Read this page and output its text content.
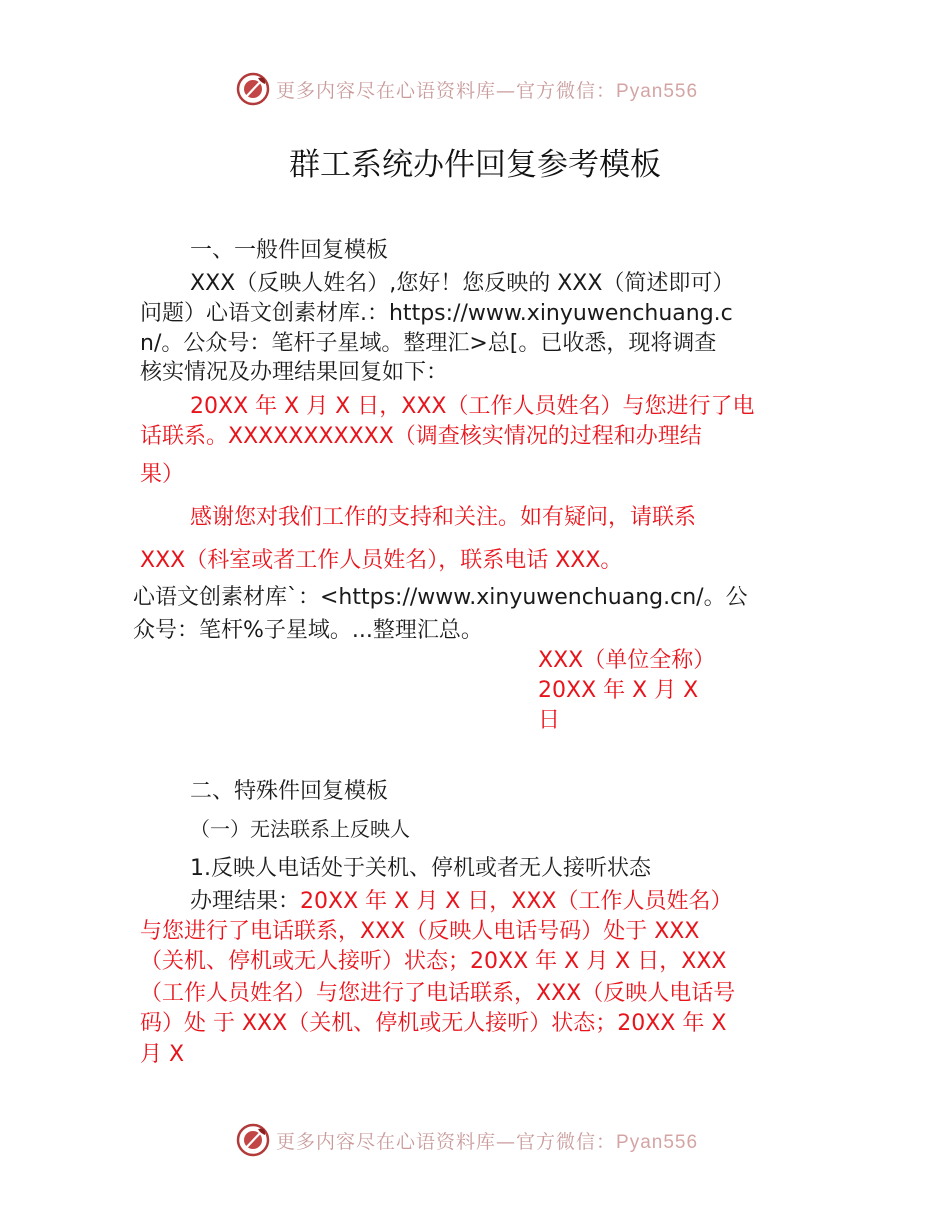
更多内容尽在心语资料库—官方微信：Pyan556
群工系统办件回复参考模板
一、一般件回复模板
XXX（反映人姓名）,您好！您反映的 XXX（简述即可）
问题）心语文创素材库.：https://www.xinyuwenchuang.c
n/。公众号：笔杆子星域。整理汇>总[。已收悉，现将调查
核实情况及办理结果回复如下：
20XX 年 X 月 X 日，XXX（工作人员姓名）与您进行了电
话联系。XXXXXXXXXXX（调查核实情况的过程和办理结
果）
感谢您对我们工作的支持和关注。如有疑问，请联系
XXX（科室或者工作人员姓名），联系电话 XXX。
心语文创素材库`：<https://www.xinyuwenchuang.cn/。公
众号：笔杆%子星域。...整理汇总。
XXX（单位全称）
20XX 年 X 月 X
日
二、特殊件回复模板
（一）无法联系上反映人
1.反映人电话处于关机、停机或者无人接听状态
办理结果：20XX 年 X 月 X 日，XXX（工作人员姓名）
与您进行了电话联系，XXX（反映人电话号码）处于 XXX
（关机、停机或无人接听）状态；20XX 年 X 月 X 日，XXX
（工作人员姓名）与您进行了电话联系，XXX（反映人电话号
码）处 于 XXX（关机、停机或无人接听）状态；20XX 年 X
月 X
更多内容尽在心语资料库—官方微信：Pyan556
